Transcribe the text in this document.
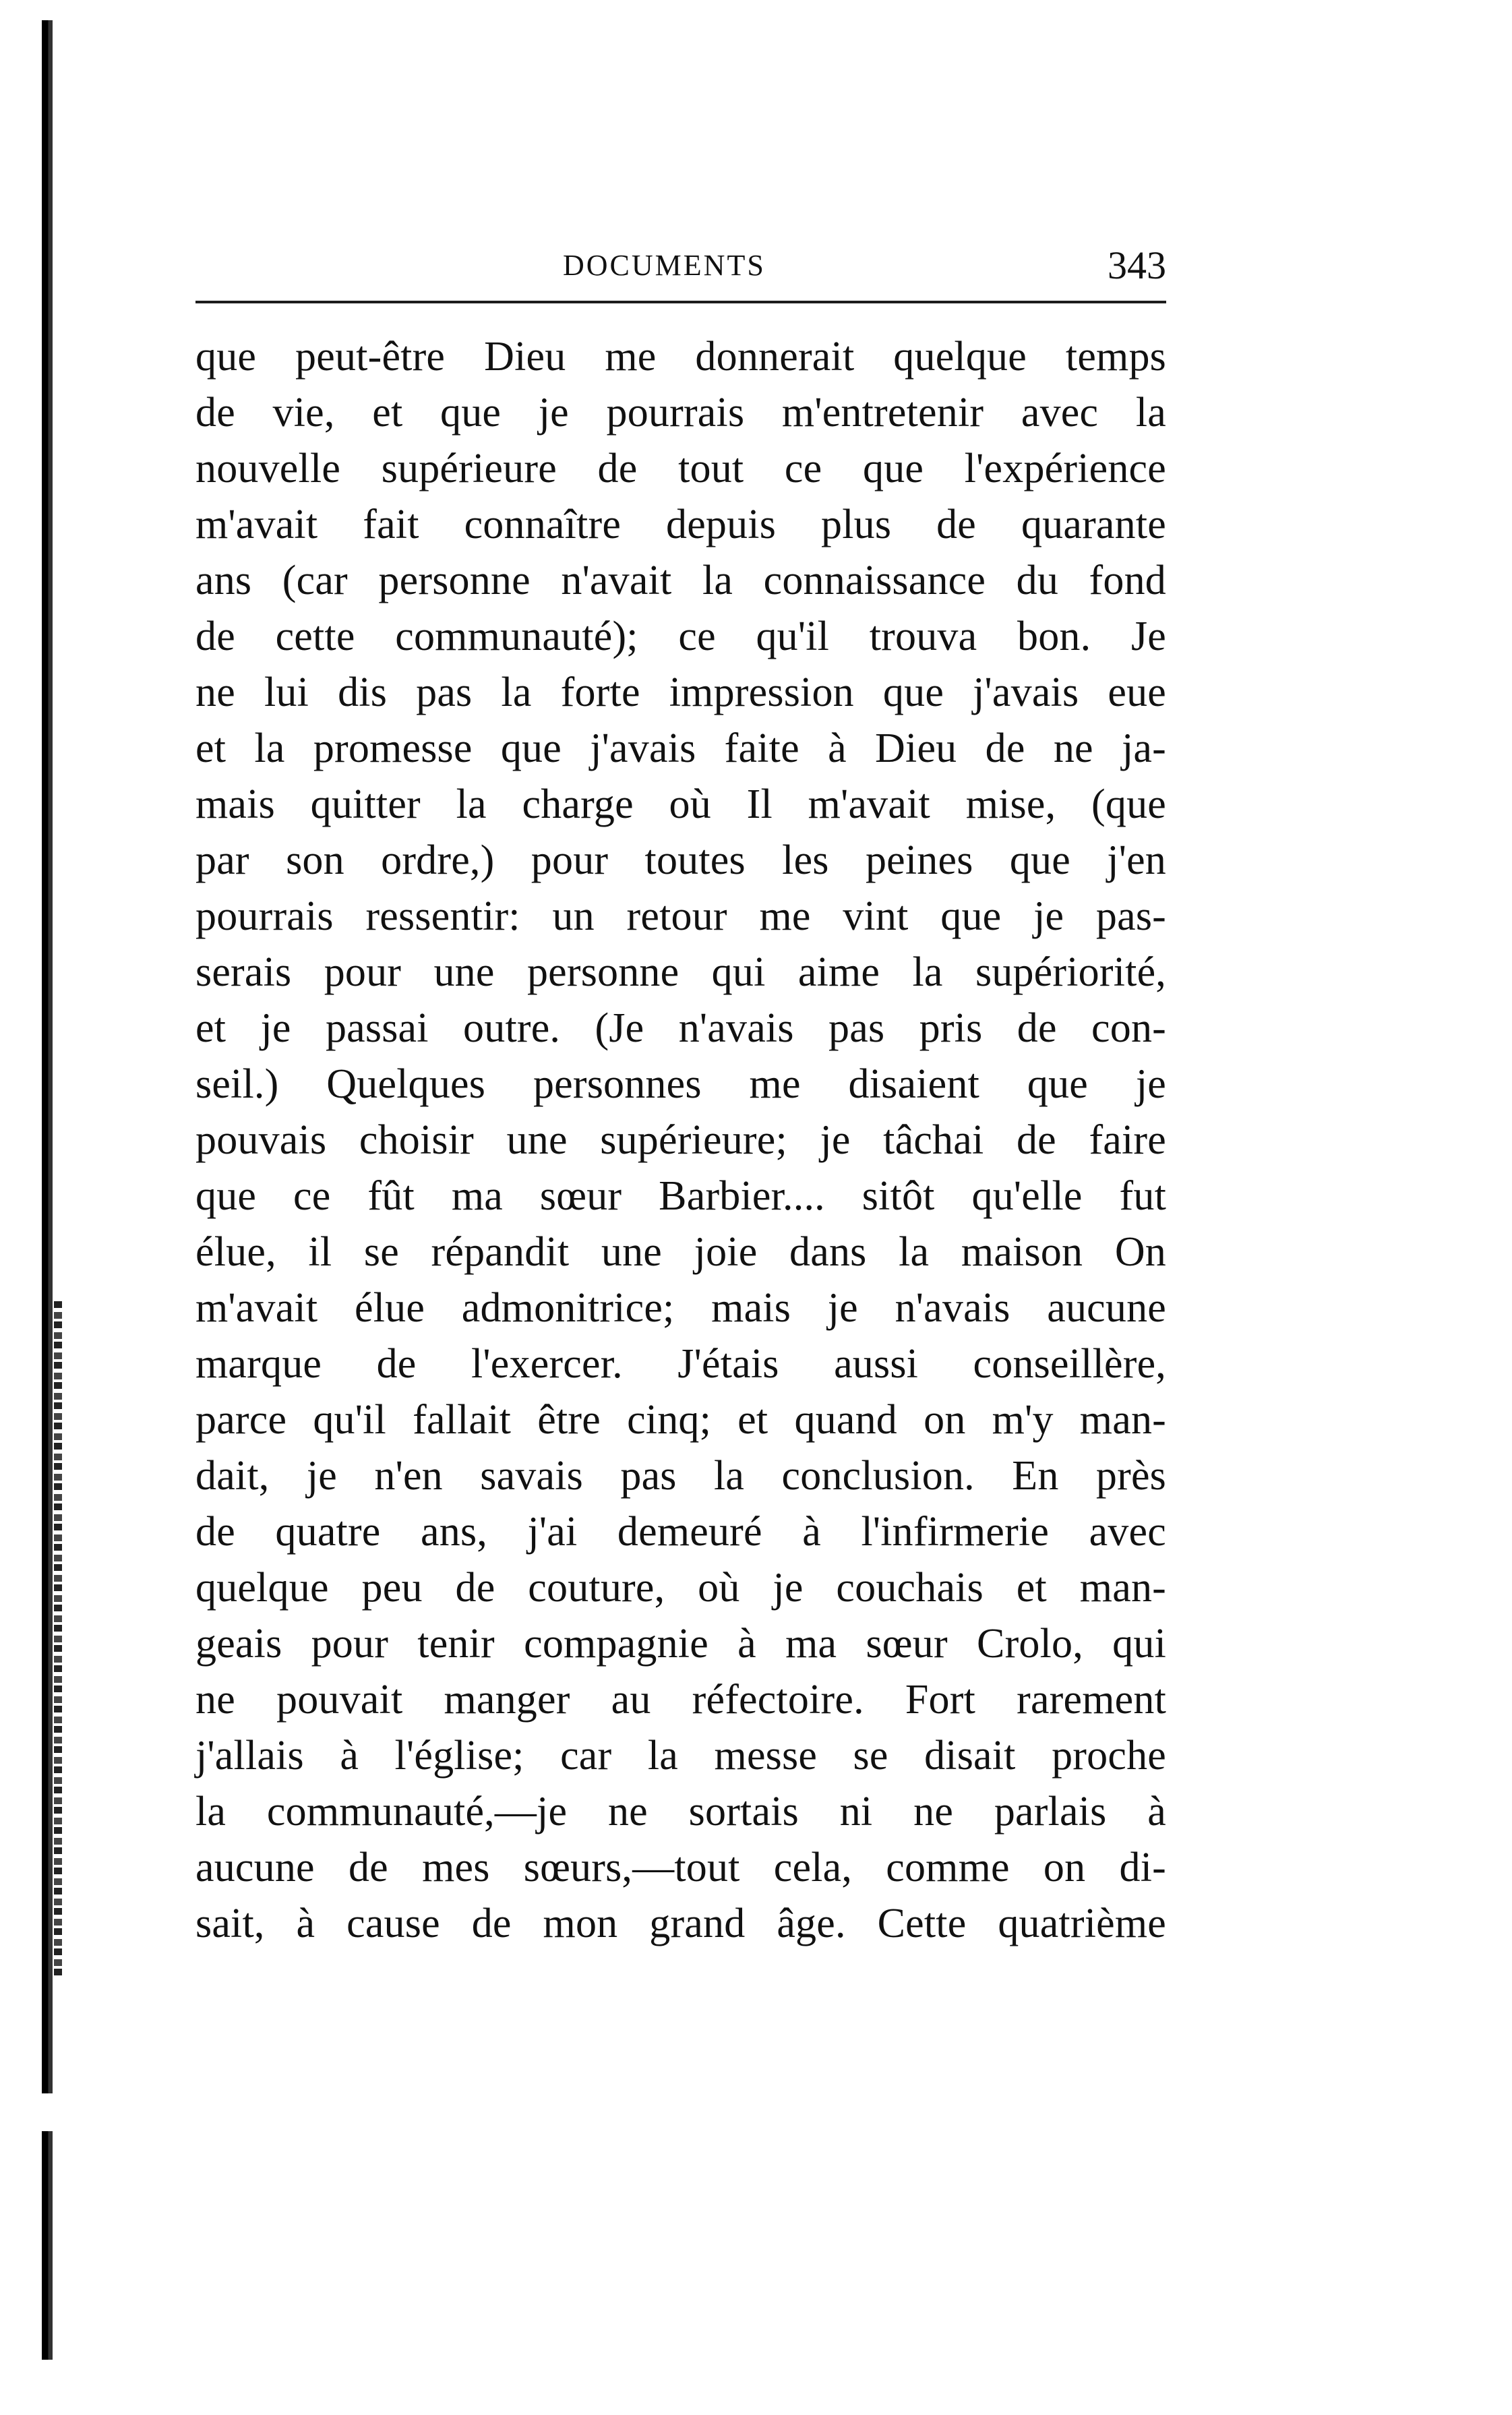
DOCUMENTS	343
que peut-être Dieu me donnerait quelque temps
de vie, et que je pourrais m'entretenir avec la
nouvelle supérieure de tout ce que l'expérience
m'avait fait connaître depuis plus de quarante
ans (car personne n'avait la connaissance du fond
de cette communauté); ce qu'il trouva bon. Je
ne lui dis pas la forte impression que j'avais eue
et la promesse que j'avais faite à Dieu de ne ja-
mais quitter la charge où Il m'avait mise, (que
par son ordre,) pour toutes les peines que j'en
pourrais ressentir: un retour me vint que je pas-
serais pour une personne qui aime la supériorité,
et je passai outre. (Je n'avais pas pris de con-
seil.) Quelques personnes me disaient que je
pouvais choisir une supérieure; je tâchai de faire
que ce fût ma sœur Barbier.... sitôt qu'elle fut
élue, il se répandit une joie dans la maison On
m'avait élue admonitrice; mais je n'avais aucune
marque de l'exercer. J'étais aussi conseillère,
parce qu'il fallait être cinq; et quand on m'y man-
dait, je n'en savais pas la conclusion. En près
de quatre ans, j'ai demeuré à l'infirmerie avec
quelque peu de couture, où je couchais et man-
geais pour tenir compagnie à ma sœur Crolo, qui
ne pouvait manger au réfectoire. Fort rarement
j'allais à l'église; car la messe se disait proche
la communauté,—je ne sortais ni ne parlais à
aucune de mes sœurs,—tout cela, comme on di-
sait, à cause de mon grand âge. Cette quatrième
